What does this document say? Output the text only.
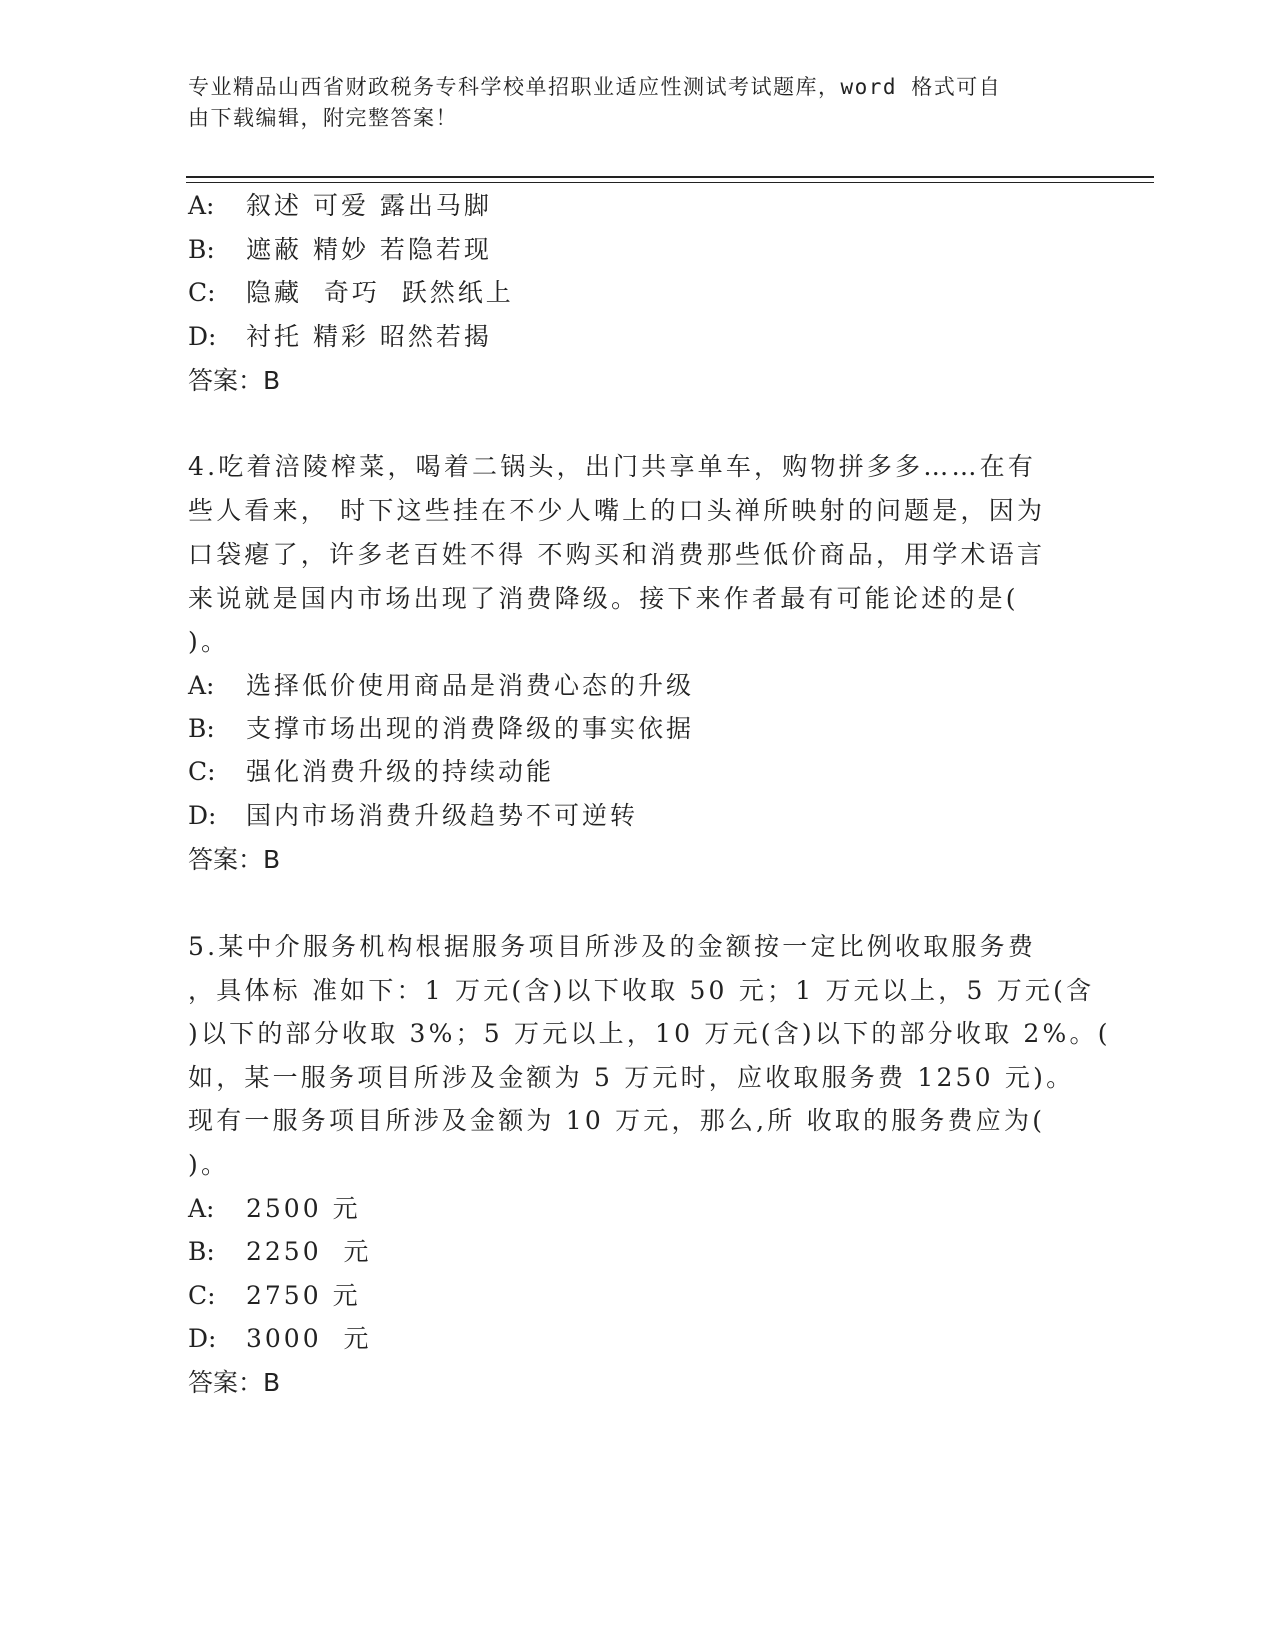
专业精品山西省财政税务专科学校单招职业适应性测试考试题库，word 格式可自
由下载编辑，附完整答案！
A: 叙述 可爱 露出马脚
B: 遮蔽 精妙 若隐若现
C: 隐藏  奇巧  跃然纸上
D: 衬托 精彩 昭然若揭
答案：B
4.吃着涪陵榨菜，喝着二锅头，出门共享单车，购物拼多多……在有
些人看来， 时下这些挂在不少人嘴上的口头禅所映射的问题是，因为
口袋瘪了，许多老百姓不得 不购买和消费那些低价商品，用学术语言
来说就是国内市场出现了消费降级。接下来作者最有可能论述的是(
)。
A: 选择低价使用商品是消费心态的升级
B: 支撑市场出现的消费降级的事实依据
C: 强化消费升级的持续动能
D: 国内市场消费升级趋势不可逆转
答案：B
5.某中介服务机构根据服务项目所涉及的金额按一定比例收取服务费
，具体标 准如下：1 万元(含)以下收取 50 元；1 万元以上，5 万元(含
)以下的部分收取 3%；5 万元以上，10 万元(含)以下的部分收取 2%。(
如，某一服务项目所涉及金额为 5 万元时，应收取服务费 1250 元)。
现有一服务项目所涉及金额为 10 万元，那么,所 收取的服务费应为(
)。
A: 2500 元
B: 2250  元
C: 2750 元
D: 3000  元
答案：B
